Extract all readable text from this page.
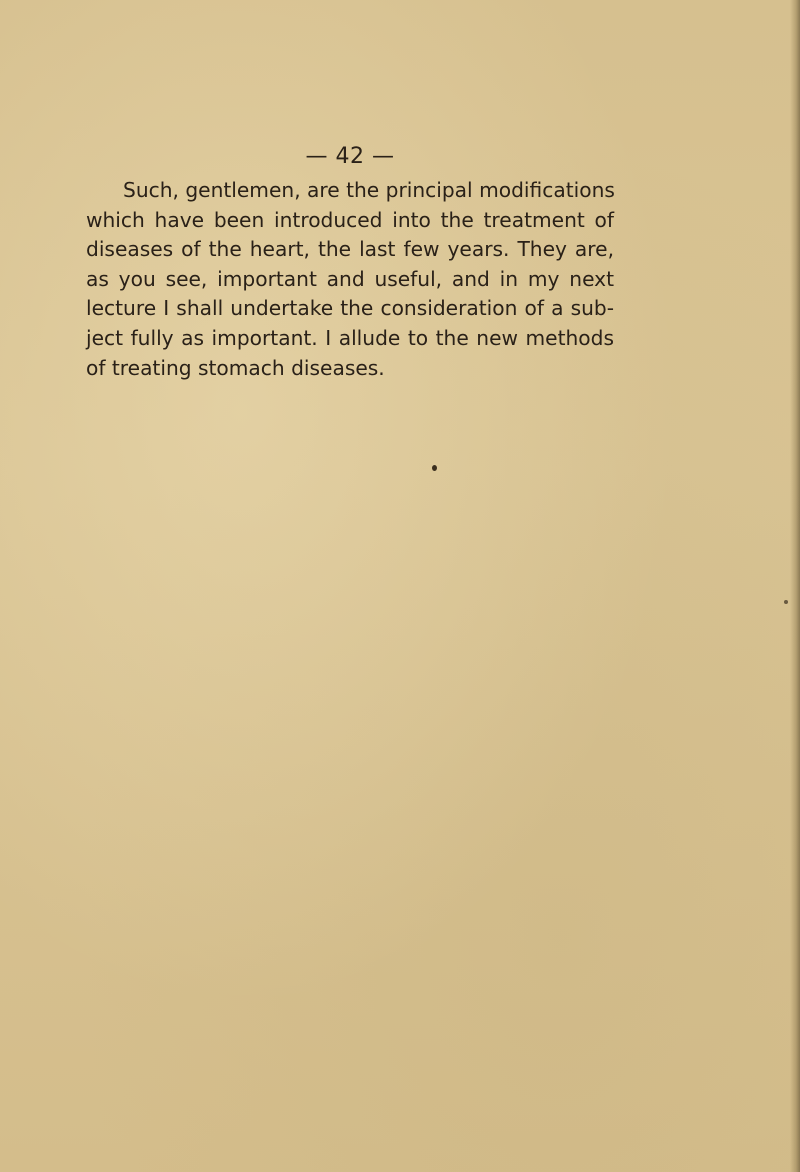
— 42 —
Such, gentlemen, are the principal modifications
which have been introduced into the treatment of
diseases of the heart, the last few years. They are,
as you see, important and useful, and in my next
lecture I shall undertake the consideration of a sub-
ject fully as important. I allude to the new methods
of treating stomach diseases.
